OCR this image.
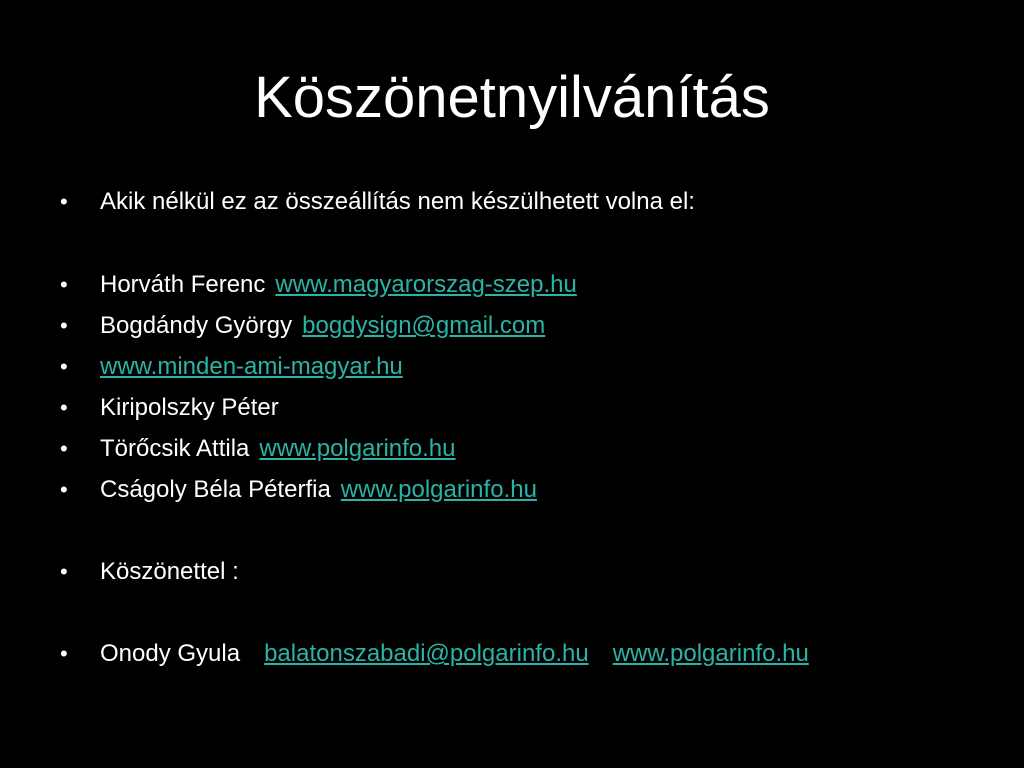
Köszönetnyilvánítás
• Akik nélkül ez az összeállítás nem készülhetett volna el:
• Horváth Ferenc www.magyarorszag-szep.hu
• Bogdándy György bogdysign@gmail.com
• www.minden-ami-magyar.hu
• Kiripolszky Péter
• Törőcsik Attila www.polgarinfo.hu
• Cságoly Béla Péterfia www.polgarinfo.hu
• Köszönettel :
• Onody Gyula balatonszabadi@polgarinfo.hu www.polgarinfo.hu
